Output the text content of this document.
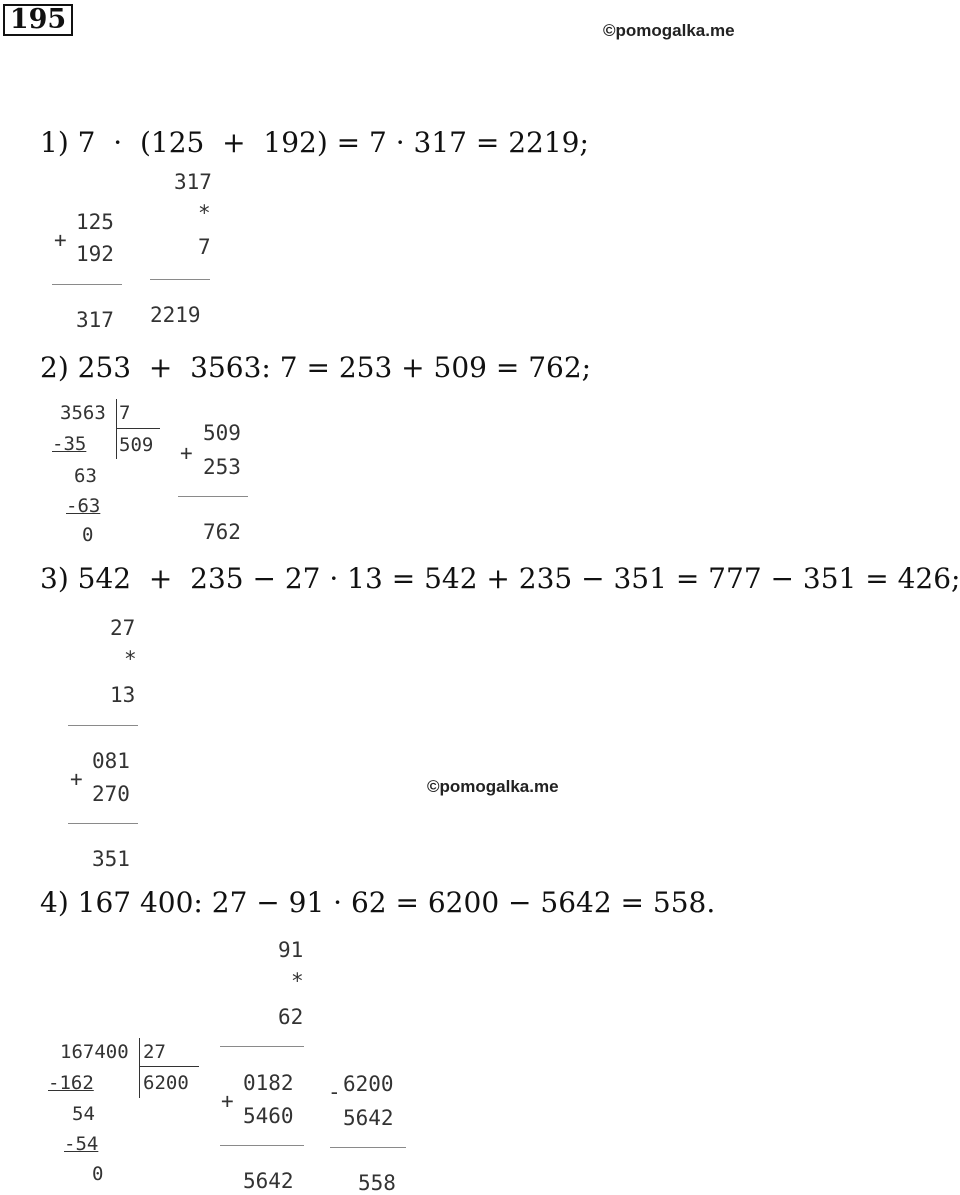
195	©pomogalka.me
1) 7  ·  (125  +  192) = 7 · 317 = 2219;
+
125
192
317
317
*
7
2219
2) 253  +  3563: 7 = 253 + 509 = 762;
3563 7
509
-35
63
-63
0
+
509
253
762
3) 542  +  235 − 27 · 13 = 542 + 235 − 351 = 777 − 351 = 426;
27
*
13
081
+
270
351
©pomogalka.me
4) 167 400: 27 − 91 · 62 = 6200 − 5642 = 558.
167400 27
6200
-162
54
-54
0
91
*
62
0182
+
5460
5642
- 6200
5642
558
